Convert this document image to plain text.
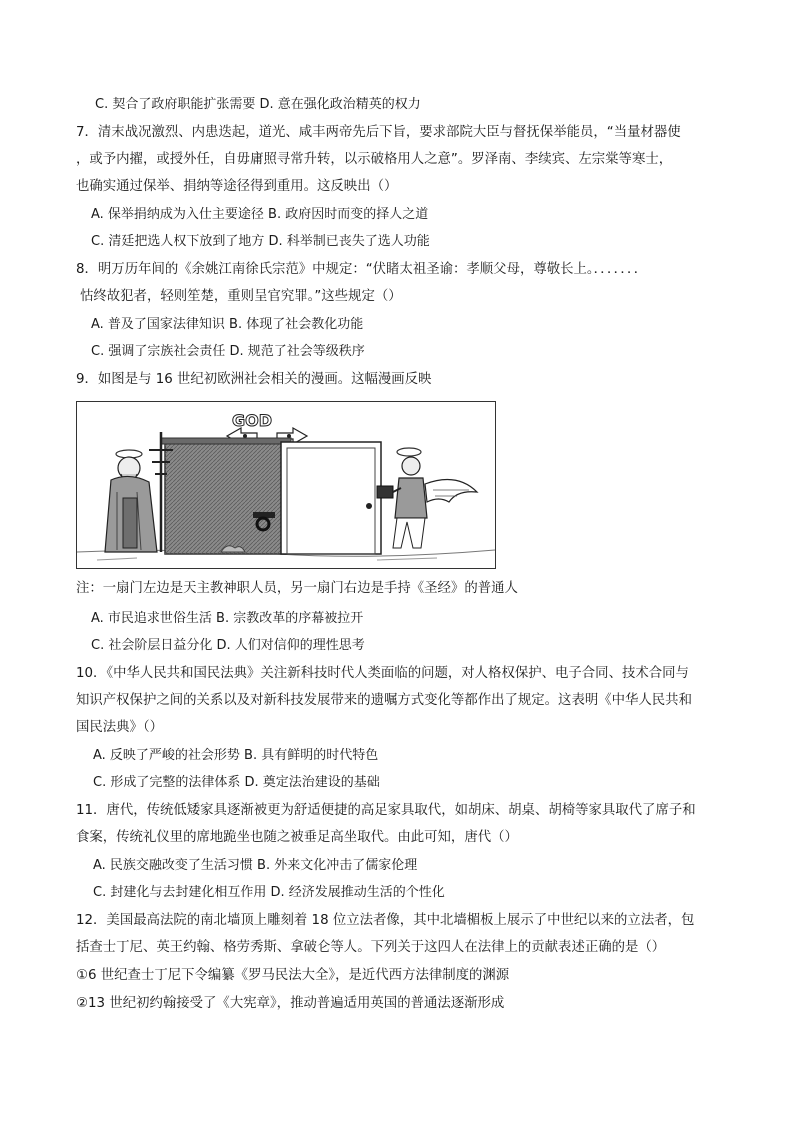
C. 契合了政府职能扩张需要 D. 意在强化政治精英的权力
7．清末战况激烈、内患迭起，道光、咸丰两帝先后下旨，要求部院大臣与督抚保举能员，“当量材器使
，或予内擢，或授外任，自毋庸照寻常升转，以示破格用人之意”。罗泽南、李续宾、左宗棠等寒士，
也确实通过保举、捐纳等途径得到重用。这反映出（）
A. 保举捐纳成为入仕主要途径 B. 政府因时而变的择人之道
C. 清廷把选人权下放到了地方 D. 科举制已丧失了选人功能
8．明万历年间的《余姚江南徐氏宗范》中规定：“伏睹太祖圣谕：孝顺父母，尊敬长上。．．．．．．．
怙终故犯者，轻则笙楚，重则呈官究罪。”这些规定（）
A. 普及了国家法律知识 B. 体现了社会教化功能
C. 强调了宗族社会责任 D. 规范了社会等级秩序
9．如图是与 16 世纪初欧洲社会相关的漫画。这幅漫画反映
GOD
注：一扇门左边是天主教神职人员，另一扇门右边是手持《圣经》的普通人
A. 市民追求世俗生活 B. 宗教改革的序幕被拉开
C. 社会阶层日益分化 D. 人们对信仰的理性思考
10．《中华人民共和国民法典》关注新科技时代人类面临的问题，对人格权保护、电子合同、技术合同与
知识产权保护之间的关系以及对新科技发展带来的遗嘱方式变化等都作出了规定。这表明《中华人民共和
国民法典》（）
A. 反映了严峻的社会形势 B. 具有鲜明的时代特色
C. 形成了完整的法律体系 D. 奠定法治建设的基础
11．唐代，传统低矮家具逐渐被更为舒适便捷的高足家具取代，如胡床、胡桌、胡椅等家具取代了席子和
食案，传统礼仪里的席地跪坐也随之被垂足高坐取代。由此可知，唐代（）
A. 民族交融改变了生活习惯 B. 外来文化冲击了儒家伦理
C. 封建化与去封建化相互作用 D. 经济发展推动生活的个性化
12．美国最高法院的南北墙顶上雕刻着 18 位立法者像，其中北墙楣板上展示了中世纪以来的立法者，包
括查士丁尼、英王约翰、格劳秀斯、拿破仑等人。下列关于这四人在法律上的贡献表述正确的是（）
①6 世纪查士丁尼下令编纂《罗马民法大全》，是近代西方法律制度的渊源
②13 世纪初约翰接受了《大宪章》，推动普遍适用英国的普通法逐渐形成
